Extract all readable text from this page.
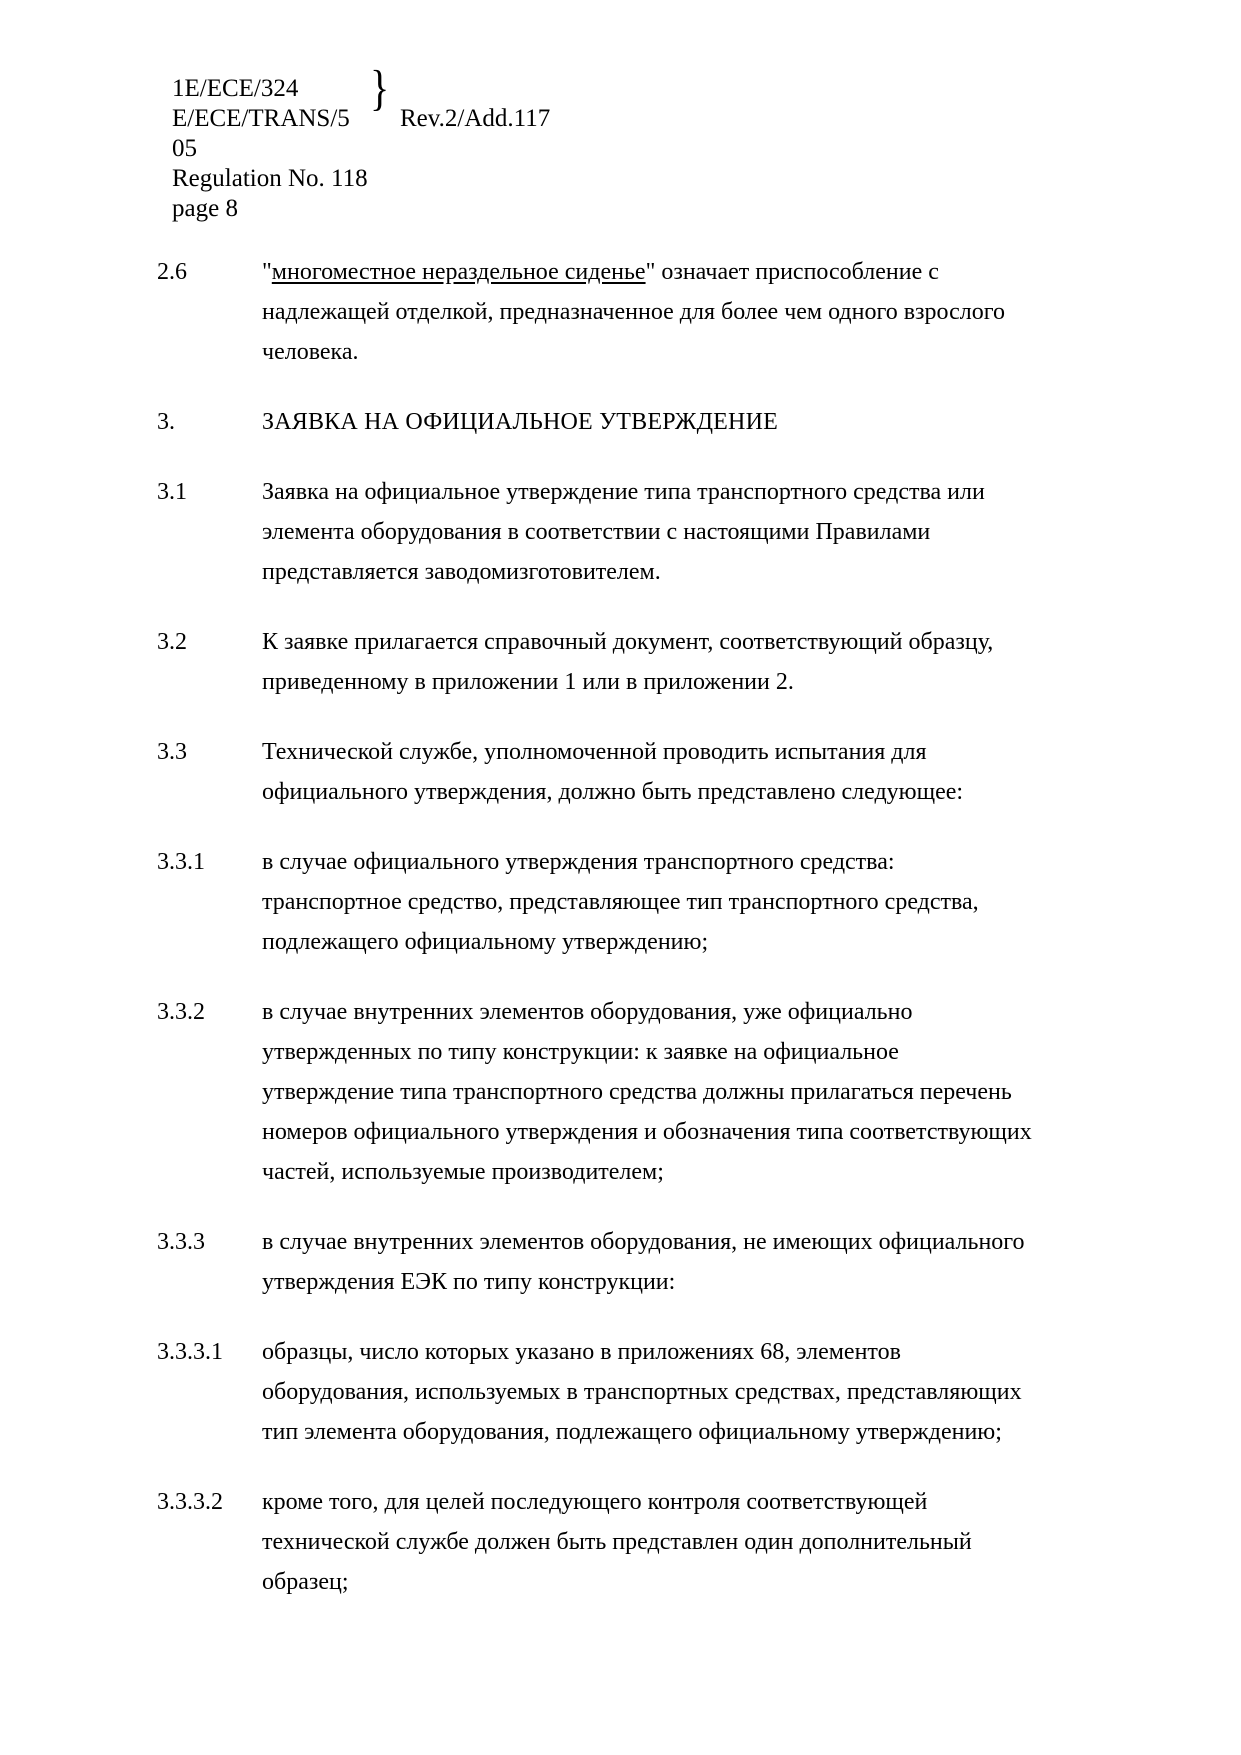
1E/ECE/324
E/ECE/TRANS/5
05
}
Rev.2/Add.117
Regulation No. 118
page 8
2.6	"многоместное нераздельное сиденье" означает приспособление с надлежащей отделкой, предназначенное для более чем одного взрослого человека.
3.	ЗАЯВКА НА ОФИЦИАЛЬНОЕ УТВЕРЖДЕНИЕ
3.1	Заявка на официальное утверждение типа транспортного средства или элемента оборудования в соответствии с настоящими Правилами представляется заводомизготовителем.
3.2	К заявке прилагается справочный документ, соответствующий образцу, приведенному в приложении 1 или в приложении 2.
3.3	Технической службе, уполномоченной проводить испытания для официального утверждения, должно быть представлено следующее:
3.3.1	в случае официального утверждения транспортного средства: транспортное средство, представляющее тип транспортного средства, подлежащего официальному утверждению;
3.3.2	в случае внутренних элементов оборудования, уже официально утвержденных по типу конструкции: к заявке на официальное утверждение типа транспортного средства должны прилагаться перечень номеров официального утверждения и обозначения типа соответствующих частей, используемые производителем;
3.3.3	в случае внутренних элементов оборудования, не имеющих официального утверждения ЕЭК по типу конструкции:
3.3.3.1	образцы, число которых указано в приложениях 68, элементов оборудования, используемых в транспортных средствах, представляющих тип элемента оборудования, подлежащего официальному утверждению;
3.3.3.2	кроме того, для целей последующего контроля соответствующей технической службе должен быть представлен один дополнительный образец;
